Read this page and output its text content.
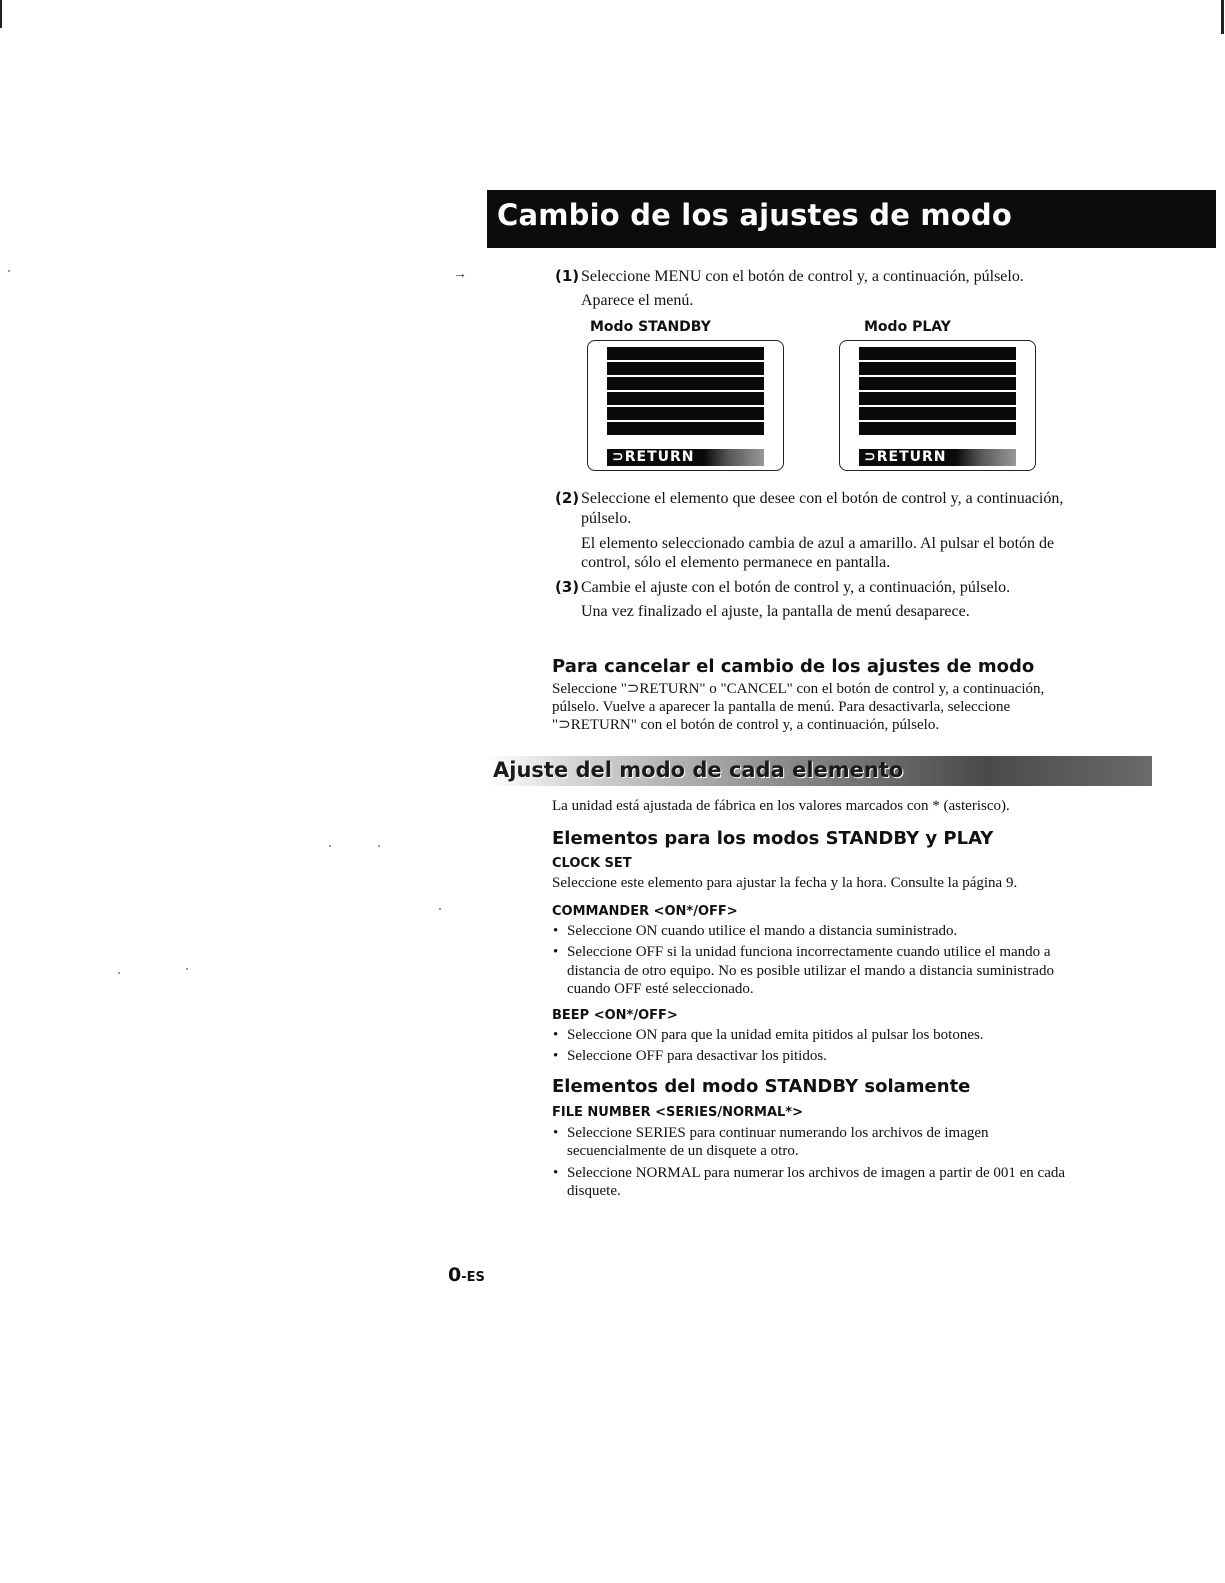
Cambio de los ajustes de modo
→	(1) Seleccione MENU con el botón de control y, a continuación, púlselo.
Aparece el menú.
Modo STANDBY	Modo PLAY
⊃RETURN	⊃RETURN
(2) Seleccione el elemento que desee con el botón de control y, a continuación,
púlselo.
El elemento seleccionado cambia de azul a amarillo. Al pulsar el botón de
control, sólo el elemento permanece en pantalla.
(3) Cambie el ajuste con el botón de control y, a continuación, púlselo.
Una vez finalizado el ajuste, la pantalla de menú desaparece.
Para cancelar el cambio de los ajustes de modo
Seleccione "⊃RETURN" o "CANCEL" con el botón de control y, a continuación,
púlselo. Vuelve a aparecer la pantalla de menú. Para desactivarla, seleccione
"⊃RETURN" con el botón de control y, a continuación, púlselo.
Ajuste del modo de cada elemento
La unidad está ajustada de fábrica en los valores marcados con * (asterisco).
Elementos para los modos STANDBY y PLAY
CLOCK SET
Seleccione este elemento para ajustar la fecha y la hora. Consulte la página 9.
COMMANDER <ON*/OFF>
• Seleccione ON cuando utilice el mando a distancia suministrado.
• Seleccione OFF si la unidad funciona incorrectamente cuando utilice el mando a
distancia de otro equipo. No es posible utilizar el mando a distancia suministrado
cuando OFF esté seleccionado.
BEEP <ON*/OFF>
• Seleccione ON para que la unidad emita pitidos al pulsar los botones.
• Seleccione OFF para desactivar los pitidos.
Elementos del modo STANDBY solamente
FILE NUMBER <SERIES/NORMAL*>
• Seleccione SERIES para continuar numerando los archivos de imagen
secuencialmente de un disquete a otro.
• Seleccione NORMAL para numerar los archivos de imagen a partir de 001 en cada
disquete.
0-ES
